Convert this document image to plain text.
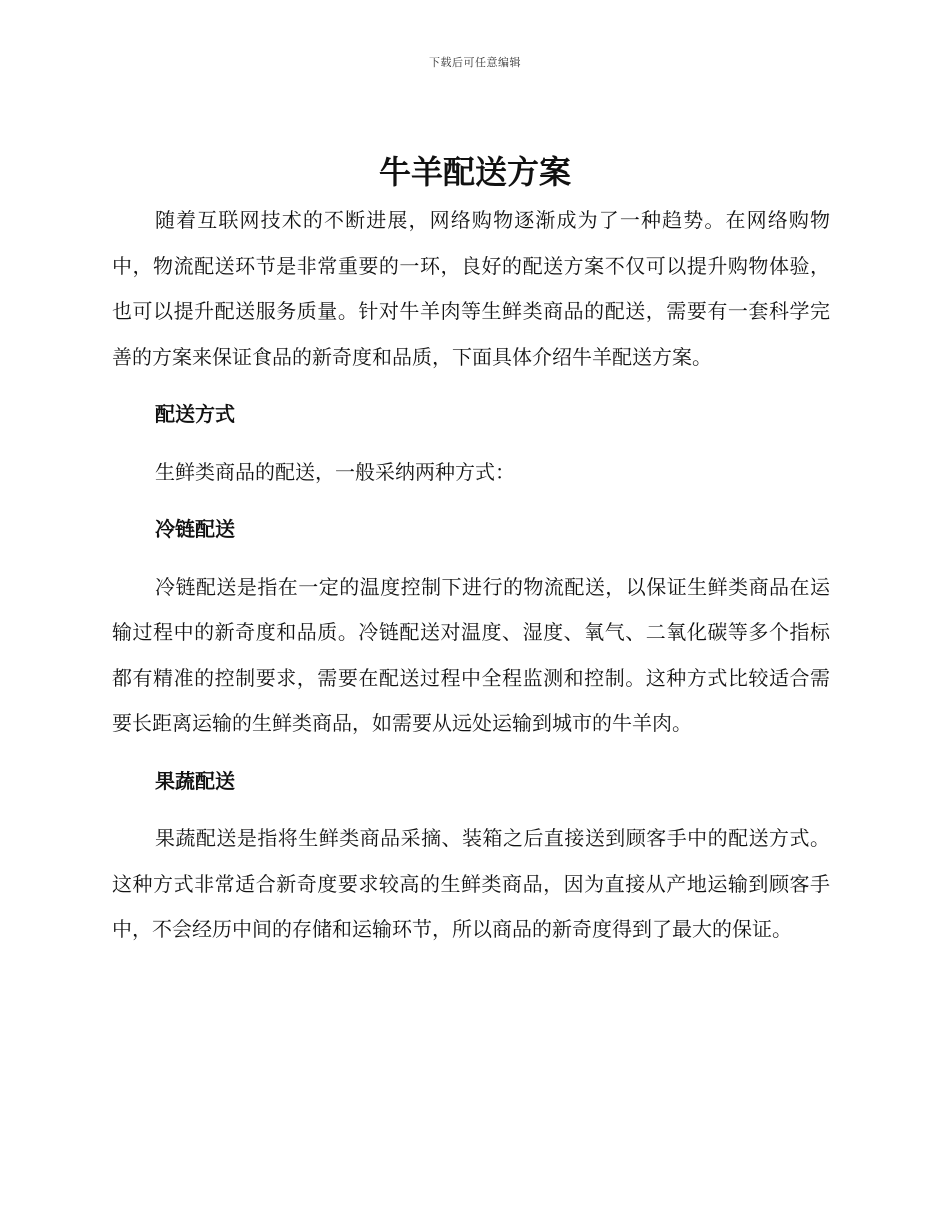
下载后可任意编辑
牛羊配送方案

随着互联网技术的不断进展，网络购物逐渐成为了一种趋势。在网络购物中，物流配送环节是非常重要的一环，良好的配送方案不仅可以提升购物体验，也可以提升配送服务质量。针对牛羊肉等生鲜类商品的配送，需要有一套科学完善的方案来保证食品的新奇度和品质，下面具体介绍牛羊配送方案。

配送方式

生鲜类商品的配送，一般采纳两种方式：

冷链配送

冷链配送是指在一定的温度控制下进行的物流配送，以保证生鲜类商品在运输过程中的新奇度和品质。冷链配送对温度、湿度、氧气、二氧化碳等多个指标都有精准的控制要求，需要在配送过程中全程监测和控制。这种方式比较适合需要长距离运输的生鲜类商品，如需要从远处运输到城市的牛羊肉。

果蔬配送

果蔬配送是指将生鲜类商品采摘、装箱之后直接送到顾客手中的配送方式。这种方式非常适合新奇度要求较高的生鲜类商品，因为直接从产地运输到顾客手中，不会经历中间的存储和运输环节，所以商品的新奇度得到了最大的保证。
